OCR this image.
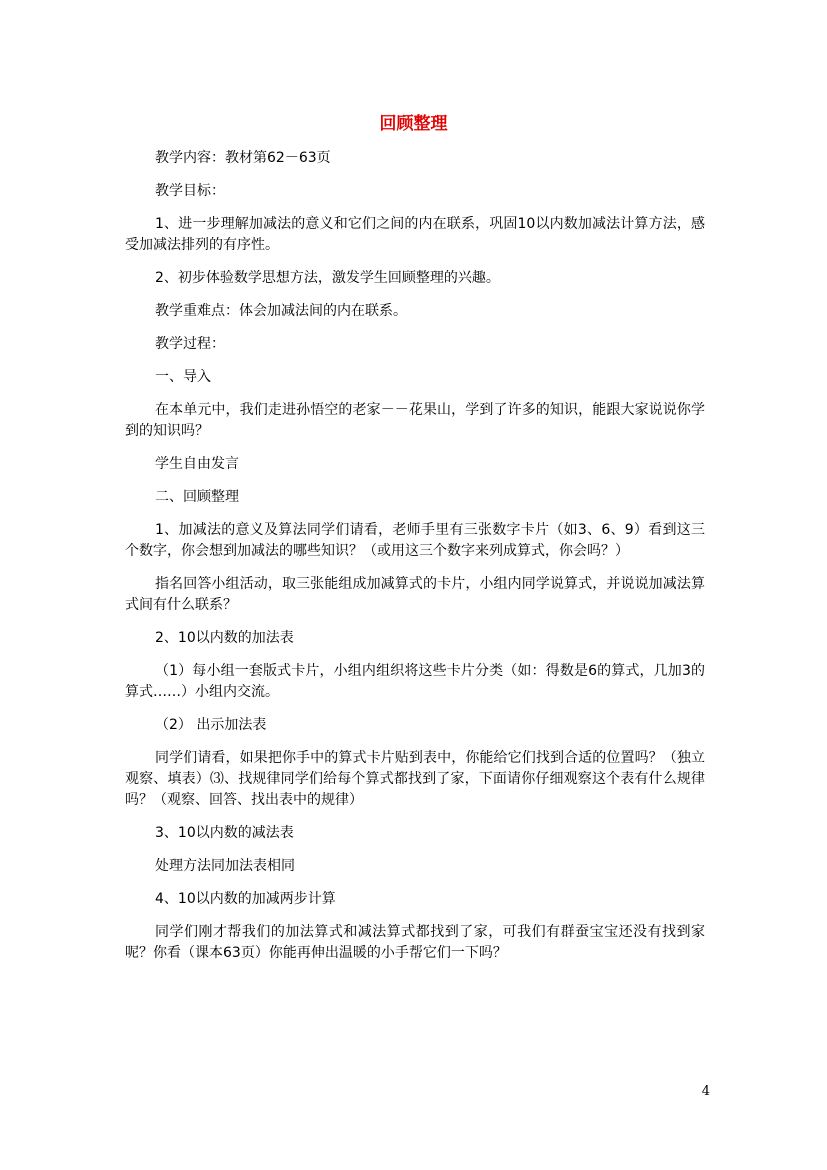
回顾整理

教学内容：教材第62－63页

教学目标：

1、进一步理解加减法的意义和它们之间的内在联系，巩固10以内数加减法计算方法，感受加减法排列的有序性。

2、初步体验数学思想方法，激发学生回顾整理的兴趣。

教学重难点：体会加减法间的内在联系。

教学过程：

一、导入

在本单元中，我们走进孙悟空的老家－－花果山，学到了许多的知识，能跟大家说说你学到的知识吗？

学生自由发言

二、回顾整理

1、加减法的意义及算法同学们请看，老师手里有三张数字卡片（如3、6、9）看到这三个数字，你会想到加减法的哪些知识？（或用这三个数字来列成算式，你会吗？）

指名回答小组活动，取三张能组成加减算式的卡片，小组内同学说算式，并说说加减法算式间有什么联系？

2、10以内数的加法表

（1）每小组一套版式卡片，小组内组织将这些卡片分类（如：得数是6的算式，几加3的算式……）小组内交流。

（2） 出示加法表

同学们请看，如果把你手中的算式卡片贴到表中，你能给它们找到合适的位置吗？（独立观察、填表）⑶、找规律同学们给每个算式都找到了家，下面请你仔细观察这个表有什么规律吗？（观察、回答、找出表中的规律）

3、10以内数的减法表

处理方法同加法表相同

4、10以内数的加减两步计算

同学们刚才帮我们的加法算式和减法算式都找到了家，可我们有群蚕宝宝还没有找到家呢？你看（课本63页）你能再伸出温暖的小手帮它们一下吗？

4
